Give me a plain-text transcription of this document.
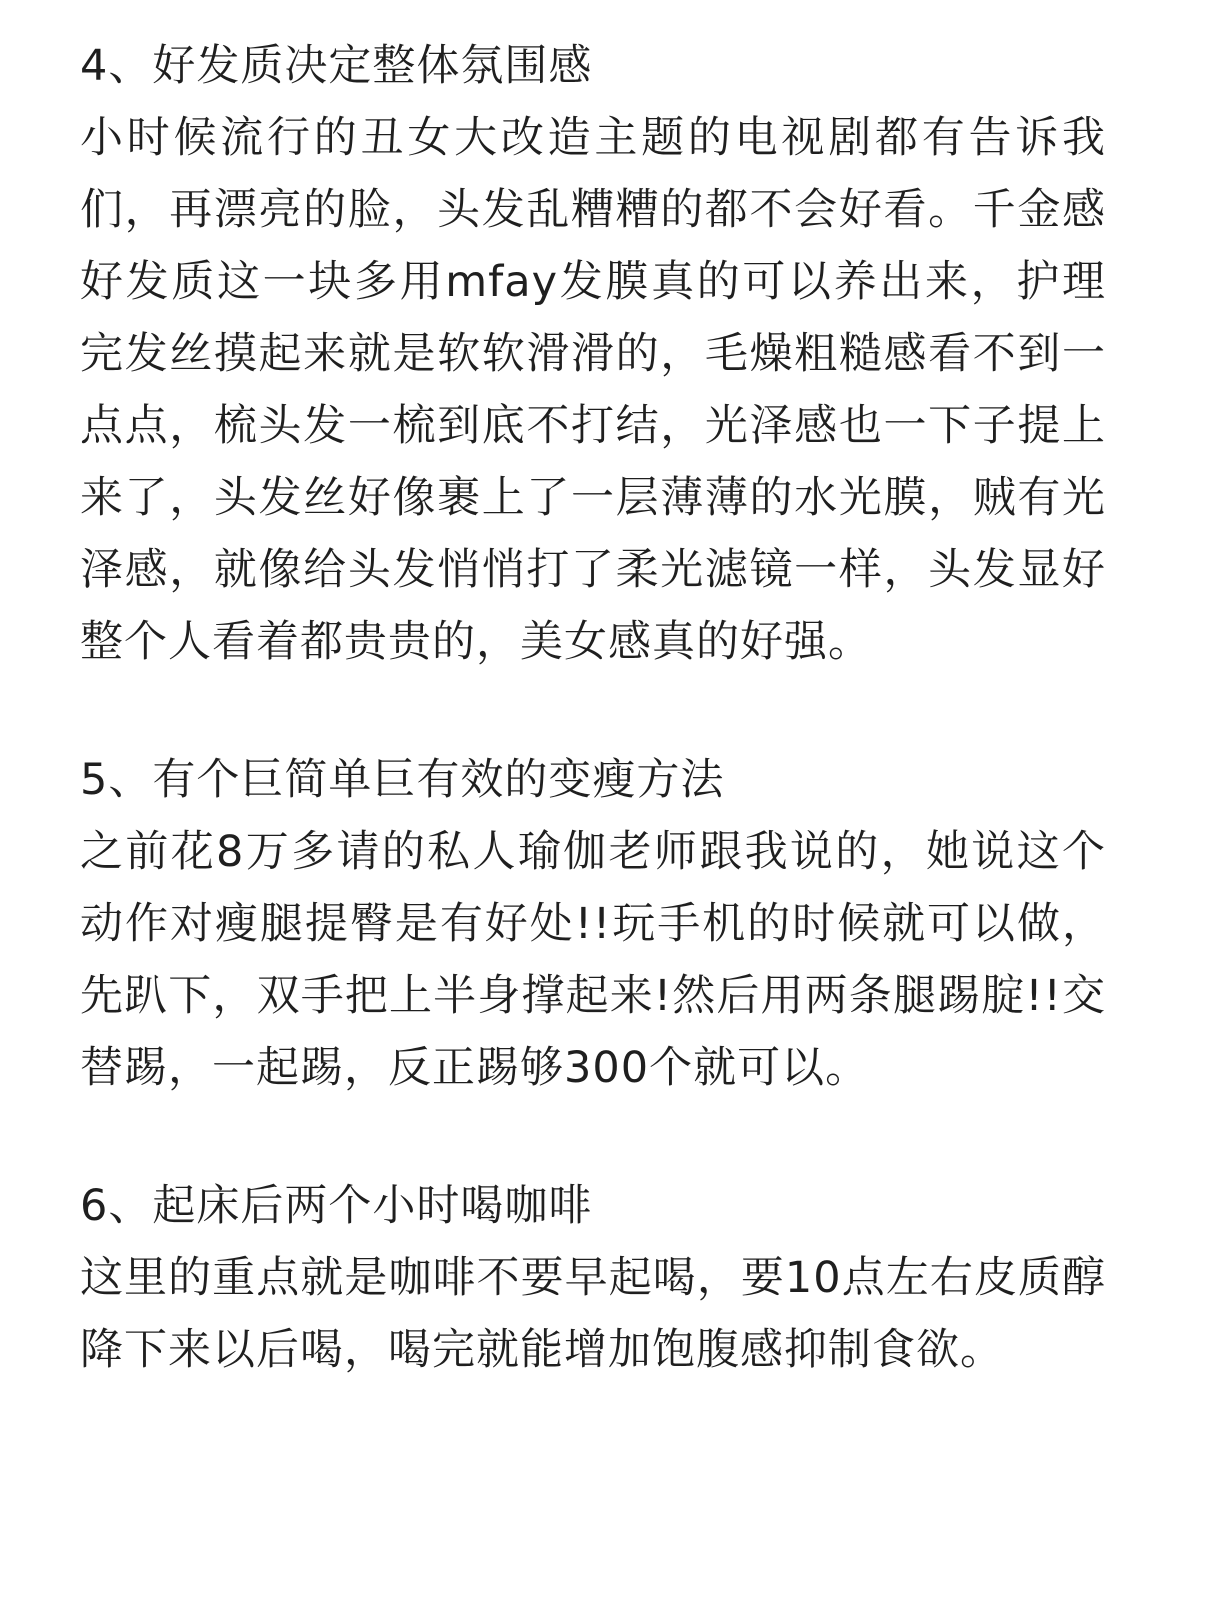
4、好发质决定整体氛围感

小时候流行的丑女大改造主题的电视剧都有告诉我们，再漂亮的脸，头发乱糟糟的都不会好看。千金感好发质这一块多用mfay发膜真的可以养出来，护理完发丝摸起来就是软软滑滑的，毛燥粗糙感看不到一点点，梳头发一梳到底不打结，光泽感也一下子提上来了，头发丝好像裹上了一层薄薄的水光膜，贼有光泽感，就像给头发悄悄打了柔光滤镜一样，头发显好整个人看着都贵贵的，美女感真的好强。

5、有个巨简单巨有效的变瘦方法

之前花8万多请的私人瑜伽老师跟我说的，她说这个动作对瘦腿提臀是有好处!!玩手机的时候就可以做，先趴下，双手把上半身撑起来!然后用两条腿踢腚!!交替踢，一起踢，反正踢够300个就可以。

6、起床后两个小时喝咖啡

这里的重点就是咖啡不要早起喝，要10点左右皮质醇降下来以后喝，喝完就能增加饱腹感抑制食欲。
